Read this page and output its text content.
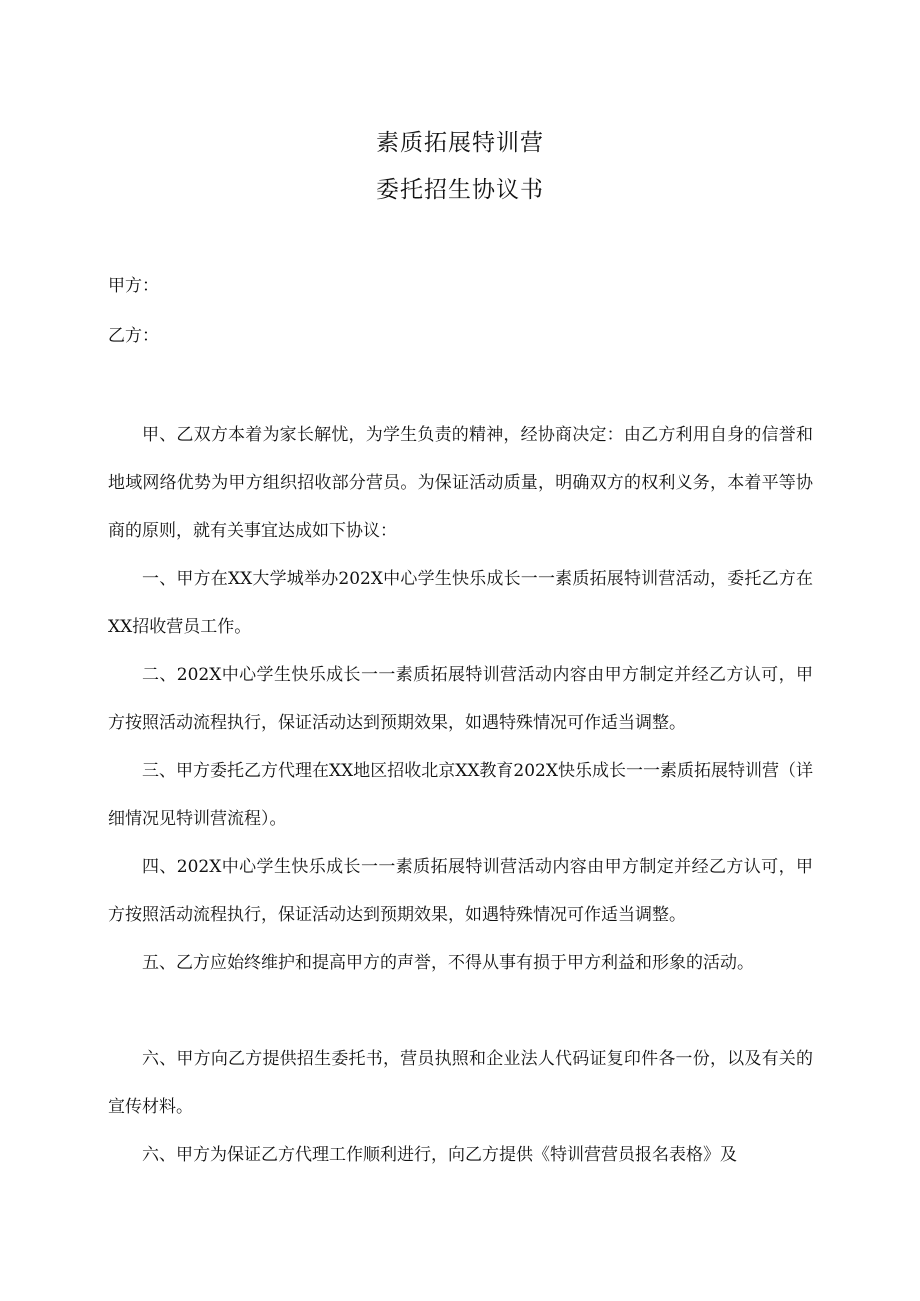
素质拓展特训营
委托招生协议书
甲方：
乙方：

甲、乙双方本着为家长解忧，为学生负责的精神，经协商决定：由乙方利用自身的信誉和地域网络优势为甲方组织招收部分营员。为保证活动质量，明确双方的权利义务，本着平等协商的原则，就有关事宜达成如下协议：

一、甲方在XX大学城举办202X中心学生快乐成长一一素质拓展特训营活动，委托乙方在XX招收营员工作。

二、202X中心学生快乐成长一一素质拓展特训营活动内容由甲方制定并经乙方认可，甲方按照活动流程执行，保证活动达到预期效果，如遇特殊情况可作适当调整。

三、甲方委托乙方代理在XX地区招收北京XX教育202X快乐成长一一素质拓展特训营（详细情况见特训营流程）。

四、202X中心学生快乐成长一一素质拓展特训营活动内容由甲方制定并经乙方认可，甲方按照活动流程执行，保证活动达到预期效果，如遇特殊情况可作适当调整。

五、乙方应始终维护和提高甲方的声誉，不得从事有损于甲方利益和形象的活动。

六、甲方向乙方提供招生委托书，营员执照和企业法人代码证复印件各一份，以及有关的宣传材料。

六、甲方为保证乙方代理工作顺利进行，向乙方提供《特训营营员报名表格》及
